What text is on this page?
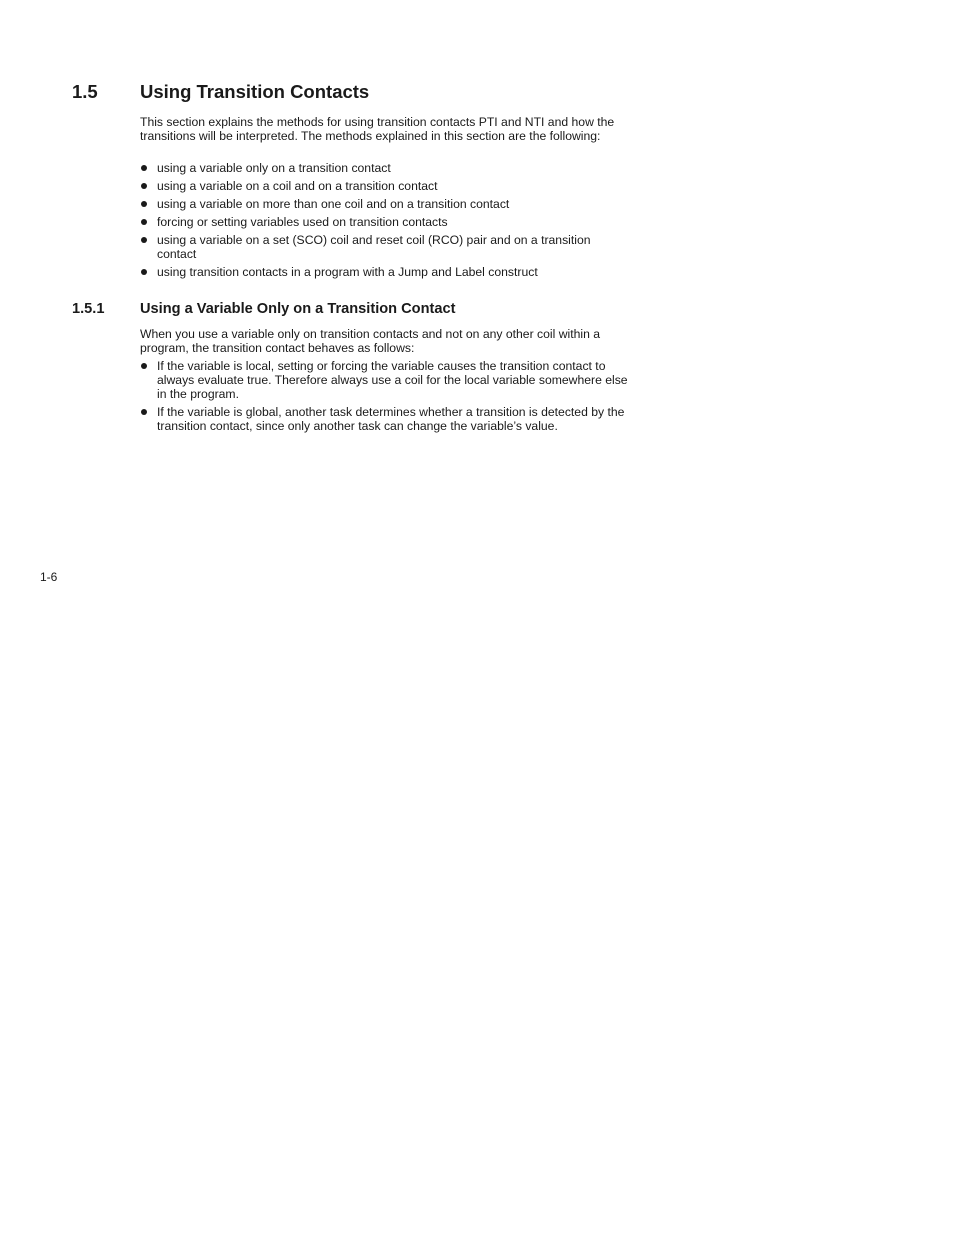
1.5 Using Transition Contacts

This section explains the methods for using transition contacts PTI and NTI and how the transitions will be interpreted. The methods explained in this section are the following:

using a variable only on a transition contact
using a variable on a coil and on a transition contact
using a variable on more than one coil and on a transition contact
forcing or setting variables used on transition contacts
using a variable on a set (SCO) coil and reset coil (RCO) pair and on a transition contact
using transition contacts in a program with a Jump and Label construct
1.5.1 Using a Variable Only on a Transition Contact

When you use a variable only on transition contacts and not on any other coil within a program, the transition contact behaves as follows:

If the variable is local, setting or forcing the variable causes the transition contact to always evaluate true. Therefore always use a coil for the local variable somewhere else in the program.
If the variable is global, another task determines whether a transition is detected by the transition contact, since only another task can change the variable’s value.
1-6
